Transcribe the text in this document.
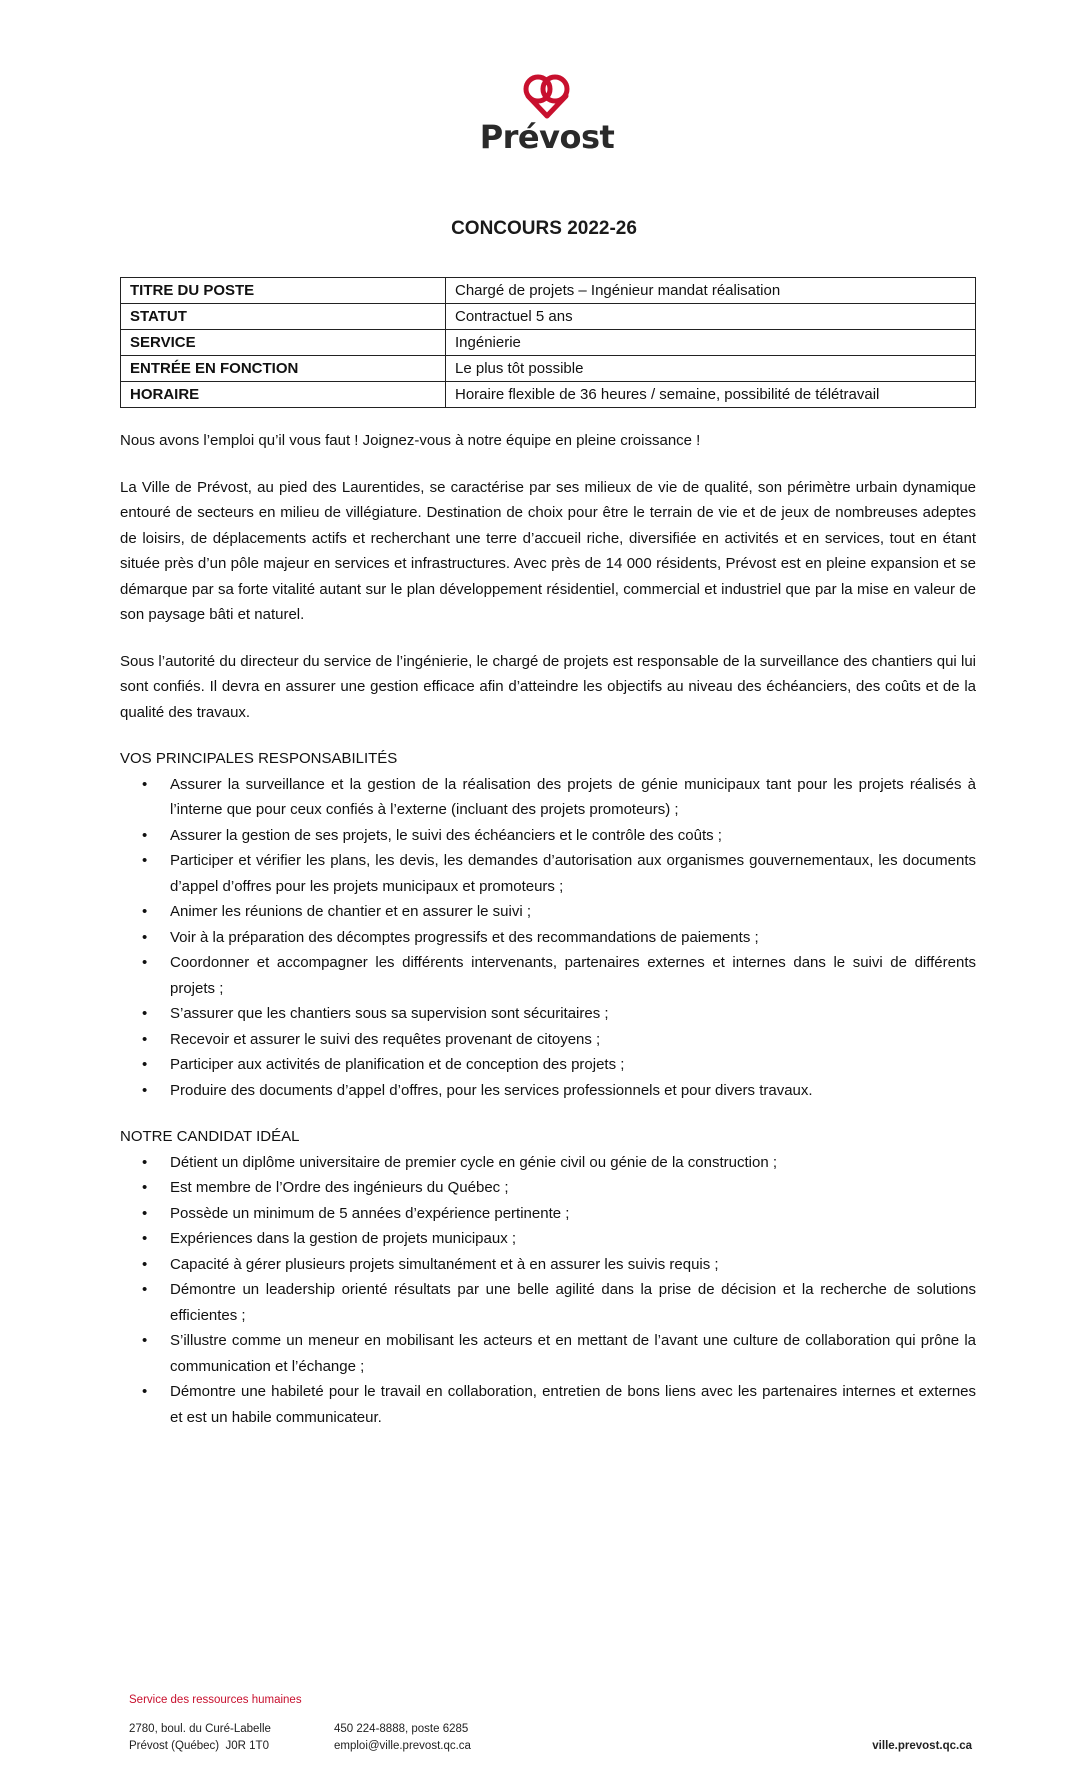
Prévost
CONCOURS 2022-26
TITRE DU POSTE	Chargé de projets – Ingénieur mandat réalisation
STATUT	Contractuel 5 ans
SERVICE	Ingénierie
ENTRÉE EN FONCTION	Le plus tôt possible
HORAIRE	Horaire flexible de 36 heures / semaine, possibilité de télétravail

Nous avons l’emploi qu’il vous faut ! Joignez-vous à notre équipe en pleine croissance !

La Ville de Prévost, au pied des Laurentides, se caractérise par ses milieux de vie de qualité, son périmètre urbain dynamique entouré de secteurs en milieu de villégiature. Destination de choix pour être le terrain de vie et de jeux de nombreuses adeptes de loisirs, de déplacements actifs et recherchant une terre d’accueil riche, diversifiée en activités et en services, tout en étant située près d’un pôle majeur en services et infrastructures. Avec près de 14 000 résidents, Prévost est en pleine expansion et se démarque par sa forte vitalité autant sur le plan développement résidentiel, commercial et industriel que par la mise en valeur de son paysage bâti et naturel.

Sous l’autorité du directeur du service de l’ingénierie, le chargé de projets est responsable de la surveillance des chantiers qui lui sont confiés. Il devra en assurer une gestion efficace afin d’atteindre les objectifs au niveau des échéanciers, des coûts et de la qualité des travaux.

VOS PRINCIPALES RESPONSABILITÉS
• Assurer la surveillance et la gestion de la réalisation des projets de génie municipaux tant pour les projets réalisés à l’interne que pour ceux confiés à l’externe (incluant des projets promoteurs) ;
• Assurer la gestion de ses projets, le suivi des échéanciers et le contrôle des coûts ;
• Participer et vérifier les plans, les devis, les demandes d’autorisation aux organismes gouvernementaux, les documents d’appel d’offres pour les projets municipaux et promoteurs ;
• Animer les réunions de chantier et en assurer le suivi ;
• Voir à la préparation des décomptes progressifs et des recommandations de paiements ;
• Coordonner et accompagner les différents intervenants, partenaires externes et internes dans le suivi de différents projets ;
• S’assurer que les chantiers sous sa supervision sont sécuritaires ;
• Recevoir et assurer le suivi des requêtes provenant de citoyens ;
• Participer aux activités de planification et de conception des projets ;
• Produire des documents d’appel d’offres, pour les services professionnels et pour divers travaux.
NOTRE CANDIDAT IDÉAL
• Détient un diplôme universitaire de premier cycle en génie civil ou génie de la construction ;
• Est membre de l’Ordre des ingénieurs du Québec ;
• Possède un minimum de 5 années d’expérience pertinente ;
• Expériences dans la gestion de projets municipaux ;
• Capacité à gérer plusieurs projets simultanément et à en assurer les suivis requis ;
• Démontre un leadership orienté résultats par une belle agilité dans la prise de décision et la recherche de solutions efficientes ;
• S’illustre comme un meneur en mobilisant les acteurs et en mettant de l’avant une culture de collaboration qui prône la communication et l’échange ;
• Démontre une habileté pour le travail en collaboration, entretien de bons liens avec les partenaires internes et externes et est un habile communicateur.
Service des ressources humaines
2780, boul. du Curé-Labelle
Prévost (Québec)  J0R 1T0
450 224-8888, poste 6285
emploi@ville.prevost.qc.ca	ville.prevost.qc.ca
